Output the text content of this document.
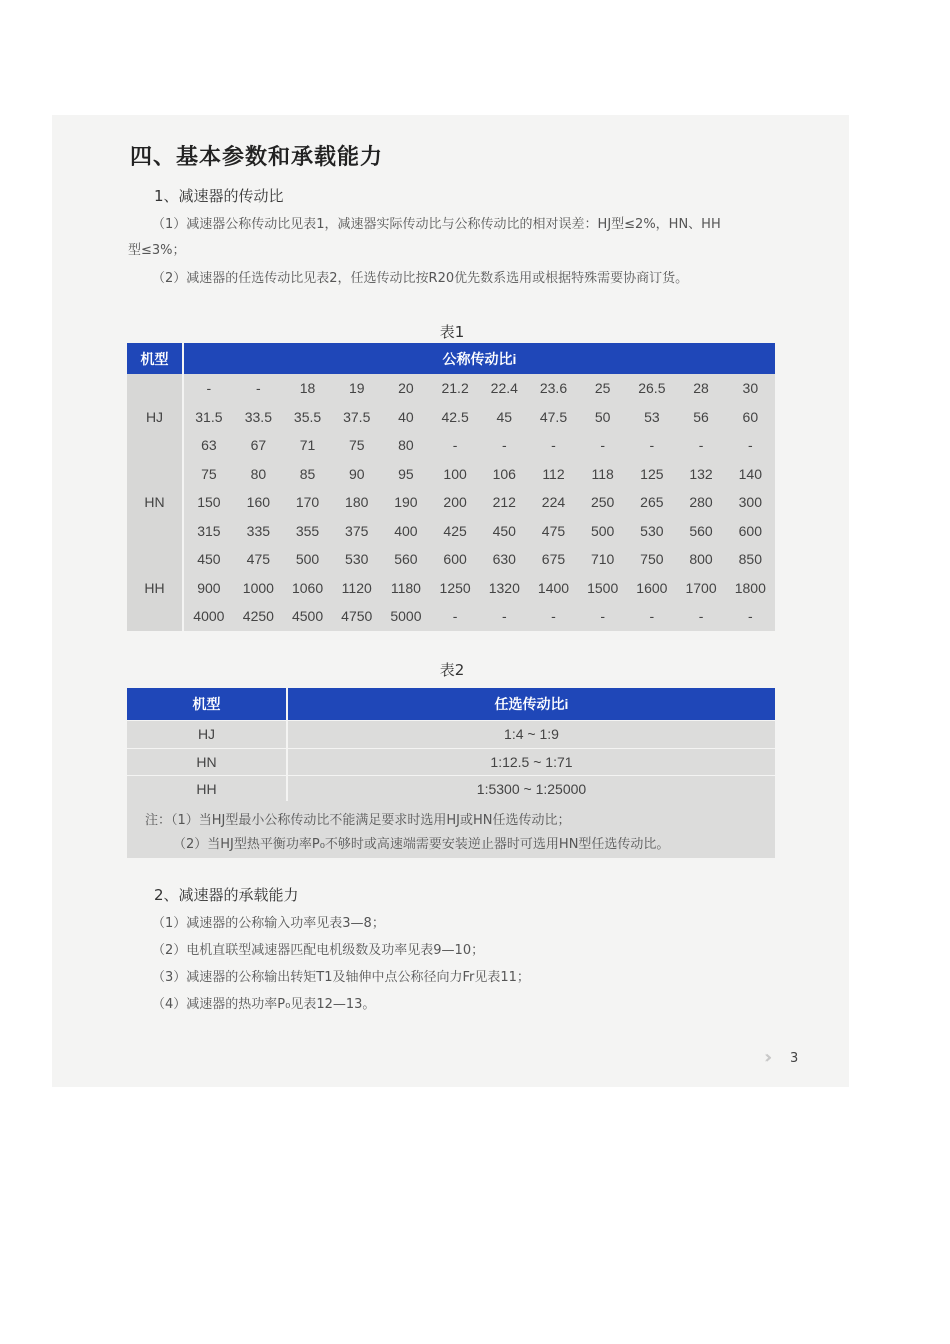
四、基本参数和承载能力
1、减速器的传动比
（1）减速器公称传动比见表1，减速器实际传动比与公称传动比的相对误差：HJ型≤2%，HN、HH
型≤3%；
（2）减速器的任选传动比见表2，任选传动比按R20优先数系选用或根据特殊需要协商订货。
表1
机型	公称传动比i											
HJ	-	-	18	19	20	21.2	22.4	23.6	25	26.5	28	30
	31.5	33.5	35.5	37.5	40	42.5	45	47.5	50	53	56	60
	63	67	71	75	80	-	-	-	-	-	-	-
HN	75	80	85	90	95	100	106	112	118	125	132	140
	150	160	170	180	190	200	212	224	250	265	280	300
	315	335	355	375	400	425	450	475	500	530	560	600
HH	450	475	500	530	560	600	630	675	710	750	800	850
	900	1000	1060	1120	1180	1250	1320	1400	1500	1600	1700	1800
	4000	4250	4500	4750	5000	-	-	-	-	-	-	-
表2
机型	任选传动比i
HJ	1:4 ~ 1:9
HN	1:12.5 ~ 1:71
HH	1:5300 ~ 1:25000
注：（1）当HJ型最小公称传动比不能满足要求时选用HJ或HN任选传动比；
（2）当HJ型热平衡功率P₀不够时或高速端需要安装逆止器时可选用HN型任选传动比。
2、减速器的承载能力
（1）减速器的公称输入功率见表3—8；
（2）电机直联型减速器匹配电机级数及功率见表9—10；
（3）减速器的公称输出转矩T1及轴伸中点公称径向力Fr见表11；
（4）减速器的热功率P₀见表12—13。
›› 3
